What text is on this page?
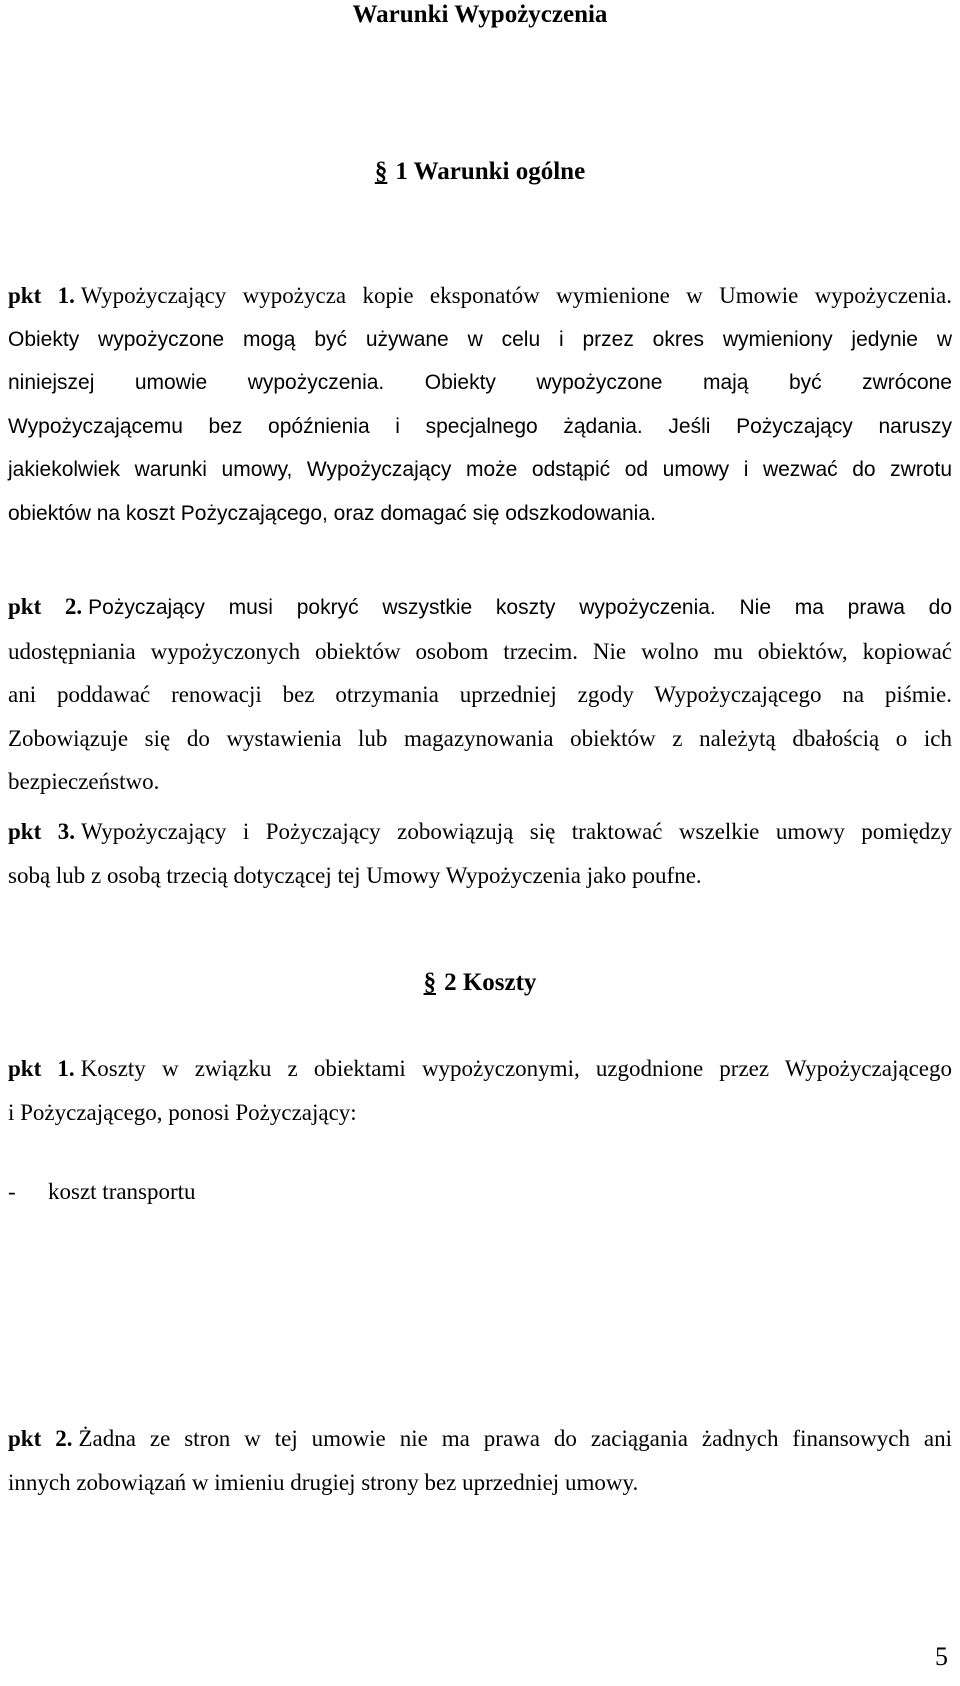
Warunki Wypożyczenia
§ 1 Warunki ogólne
pkt 1. Wypożyczający wypożycza kopie eksponatów wymienione w Umowie wypożyczenia.
Obiekty wypożyczone mogą być używane w celu i przez okres wymieniony jedynie w
niniejszej umowie wypożyczenia. Obiekty wypożyczone mają być zwrócone
Wypożyczającemu bez opóźnienia i specjalnego żądania. Jeśli Pożyczający naruszy
jakiekolwiek warunki umowy, Wypożyczający może odstąpić od umowy i wezwać do zwrotu
obiektów na koszt Pożyczającego, oraz domagać się odszkodowania.
pkt 2. Pożyczający musi pokryć wszystkie koszty wypożyczenia. Nie ma prawa do
udostępniania wypożyczonych obiektów osobom trzecim. Nie wolno mu obiektów, kopiować
ani poddawać renowacji bez otrzymania uprzedniej zgody Wypożyczającego na piśmie.
Zobowiązuje się do wystawienia lub magazynowania obiektów z należytą dbałością o ich
bezpieczeństwo.
pkt 3. Wypożyczający i Pożyczający zobowiązują się traktować wszelkie umowy pomiędzy
sobą lub z osobą trzecią dotyczącej tej Umowy Wypożyczenia jako poufne.
§ 2 Koszty
pkt 1. Koszty w związku z obiektami wypożyczonymi, uzgodnione przez Wypożyczającego
i Pożyczającego, ponosi Pożyczający:
- koszt transportu
pkt 2. Żadna ze stron w tej umowie nie ma prawa do zaciągania żadnych finansowych ani
innych zobowiązań w imieniu drugiej strony bez uprzedniej umowy.
5
